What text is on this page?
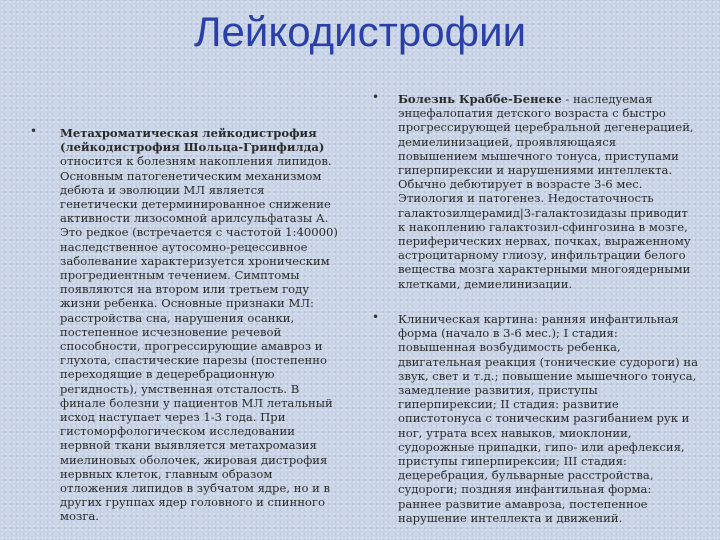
Лейкодистрофии
• Метахроматическая лейкодистрофия (лейкодистрофия Шольца-Гринфилда) относится к болезням накопления липидов. Основным патогенетическим механизмом дебюта и эволюции МЛ является генетически детерминированное снижение активности лизосомной арилсульфатазы А. Это редкое (встречается с частотой 1:40000) наследственное аутосомно-рецессивное заболевание характеризуется хроническим прогредиентным течением. Симптомы появляются на втором или третьем году жизни ребенка. Основные признаки МЛ: расстройства сна, нарушения осанки, постепенное исчезновение речевой способности, прогрессирующие амавроз и глухота, спастические парезы (постепенно переходящие в децеребрационную регидность), умственная отсталость. В финале болезни у пациентов МЛ летальный исход наступает через 1-3 года. При гистоморфологическом исследовании нервной ткани выявляется метахромазия миелиновых оболочек, жировая дистрофия нервных клеток, главным образом отложения липидов в зубчатом ядре, но и в других группах ядер головного и спинного мозга.
• Болезнь Краббе-Бенеке - наследуемая энцефалопатия детского возраста с быстро прогрессирующей церебральной дегенерацией, демиелинизацией, проявляющаяся повышением мышечного тонуса, приступами гиперпирексии и нарушениями интеллекта. Обычно дебютирует в возрасте 3-6 мес. Этиология и патогенез. Недостаточность галактозилцерамид|3-галактозидазы приводит к накоплению галактозил-сфингозина в мозге, периферических нервах, почках, выраженному астроцитарному глиозу, инфильтрации белого вещества мозга характерными многоядерными клетками, демиелинизации.
• Клиническая картина: ранняя инфантильная форма (начало в 3-6 мес.); I стадия: повышенная возбудимость ребенка, двигательная реакция (тонические судороги) на звук, свет и т.д.; повышение мышечного тонуса, замедление развития, приступы гиперпирексии; II стадия: развитие опистотонуса с тоническим разгибанием рук и ног, утрата всех навыков, миоклонии, судорожные припадки, гипо- или арефлексия, приступы гиперпирексии; III стадия: децеребрация, бульварные расстройства, судороги; поздняя инфантильная форма: раннее развитие амавроза, постепенное нарушение интеллекта и движений.
